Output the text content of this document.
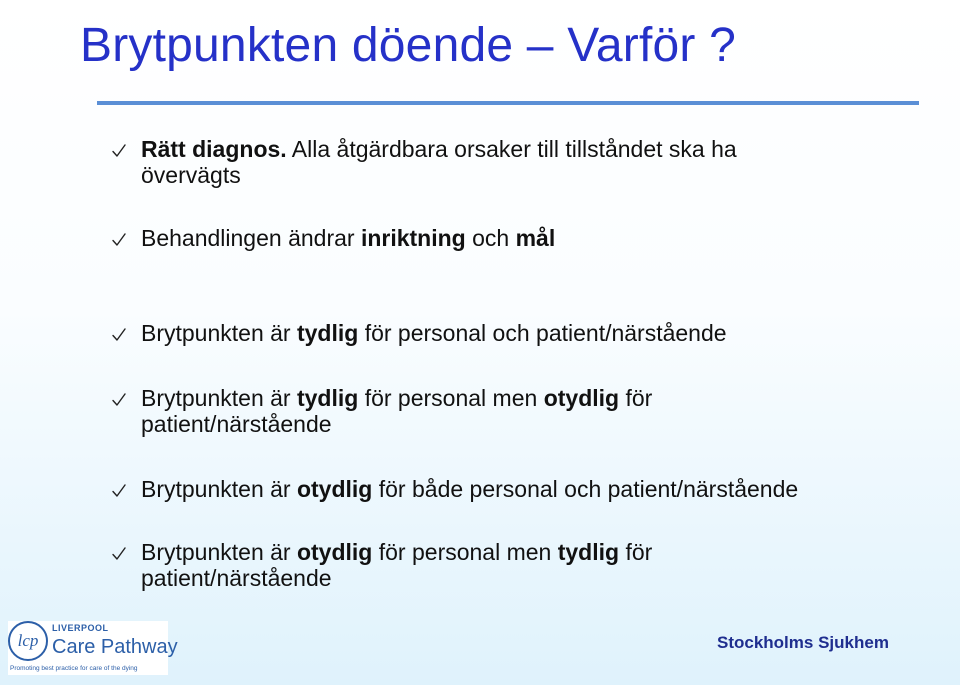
Brytpunkten döende – Varför ?
Rätt diagnos. Alla åtgärdbara orsaker till tillståndet ska ha
övervägts
Behandlingen ändrar inriktning och mål
Brytpunkten är tydlig för personal och patient/närstående
Brytpunkten är tydlig för personal men otydlig för
patient/närstående
Brytpunkten är otydlig för både personal och patient/närstående
Brytpunkten är otydlig för personal men tydlig för
patient/närstående
lcp
LIVERPOOL
Care Pathway
Promoting best practice for care of the dying
Stockholms Sjukhem
